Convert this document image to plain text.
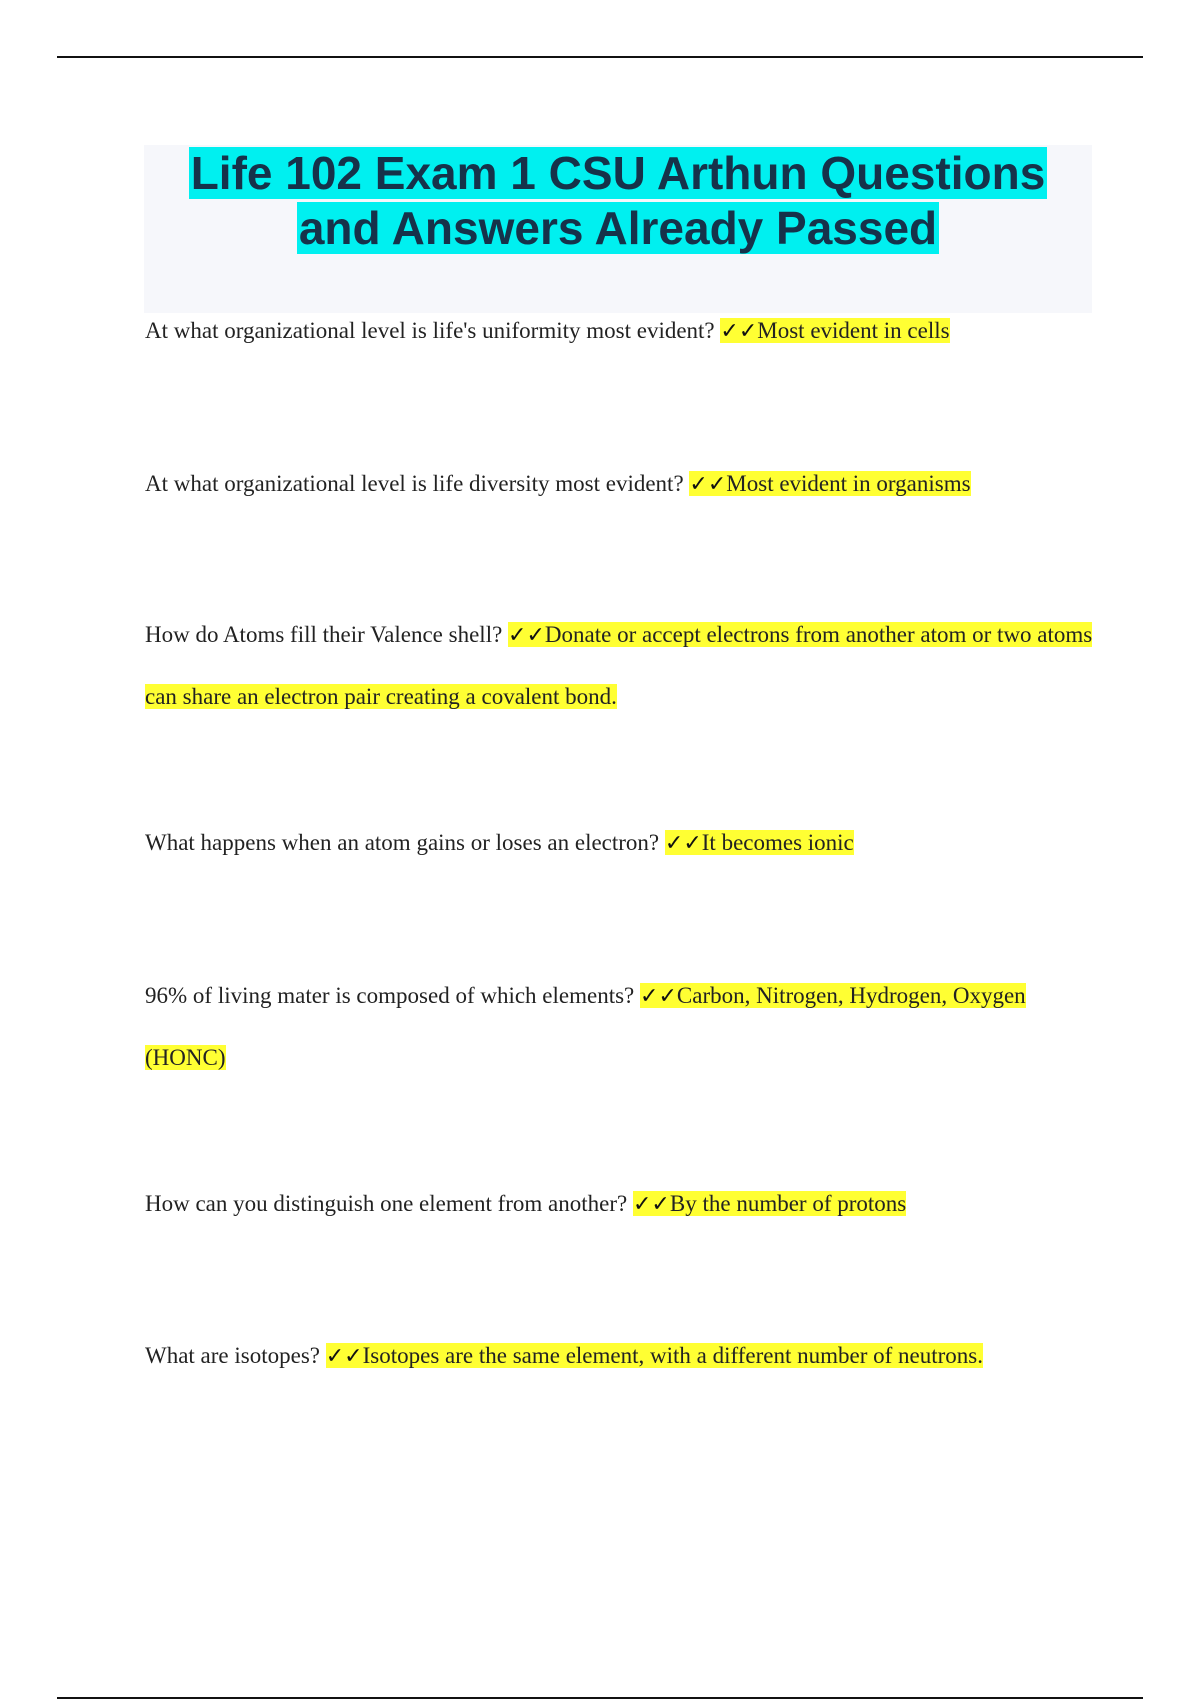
Life 102 Exam 1 CSU Arthun Questions
and Answers Already Passed

At what organizational level is life's uniformity most evident? ✓✓Most evident in cells

At what organizational level is life diversity most evident? ✓✓Most evident in organisms

How do Atoms fill their Valence shell? ✓✓Donate or accept electrons from another atom or two atoms can share an electron pair creating a covalent bond.

What happens when an atom gains or loses an electron? ✓✓It becomes ionic

96% of living mater is composed of which elements? ✓✓Carbon, Nitrogen, Hydrogen, Oxygen (HONC)

How can you distinguish one element from another? ✓✓By the number of protons

What are isotopes? ✓✓Isotopes are the same element, with a different number of neutrons.
